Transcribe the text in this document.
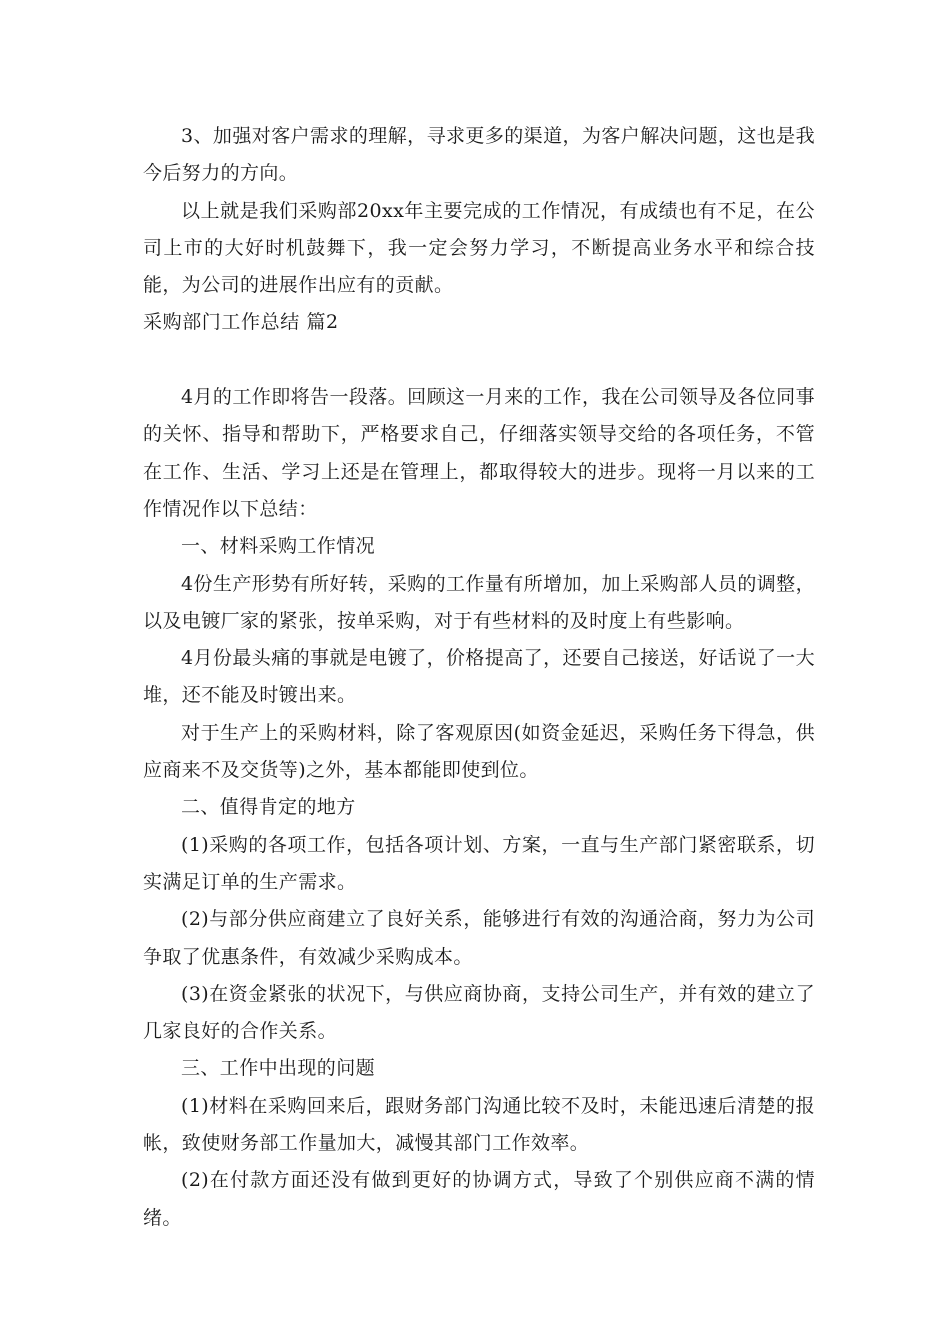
3、加强对客户需求的理解，寻求更多的渠道，为客户解决问题，这也是我今后努力的方向。

以上就是我们采购部20xx年主要完成的工作情况，有成绩也有不足，在公司上市的大好时机鼓舞下，我一定会努力学习，不断提高业务水平和综合技能，为公司的进展作出应有的贡献。

采购部门工作总结 篇2

4月的工作即将告一段落。回顾这一月来的工作，我在公司领导及各位同事的关怀、指导和帮助下，严格要求自己，仔细落实领导交给的各项任务，不管在工作、生活、学习上还是在管理上，都取得较大的进步。现将一月以来的工作情况作以下总结：

一、材料采购工作情况

4份生产形势有所好转，采购的工作量有所增加，加上采购部人员的调整，以及电镀厂家的紧张，按单采购，对于有些材料的及时度上有些影响。

4月份最头痛的事就是电镀了，价格提高了，还要自己接送，好话说了一大堆，还不能及时镀出来。

对于生产上的采购材料，除了客观原因(如资金延迟，采购任务下得急，供应商来不及交货等)之外，基本都能即使到位。

二、值得肯定的地方

(1)采购的各项工作，包括各项计划、方案，一直与生产部门紧密联系，切实满足订单的生产需求。

(2)与部分供应商建立了良好关系，能够进行有效的沟通洽商，努力为公司争取了优惠条件，有效减少采购成本。

(3)在资金紧张的状况下，与供应商协商，支持公司生产，并有效的建立了几家良好的合作关系。

三、工作中出现的问题

(1)材料在采购回来后，跟财务部门沟通比较不及时，未能迅速后清楚的报帐，致使财务部工作量加大，减慢其部门工作效率。

(2)在付款方面还没有做到更好的协调方式，导致了个别供应商不满的情绪。
